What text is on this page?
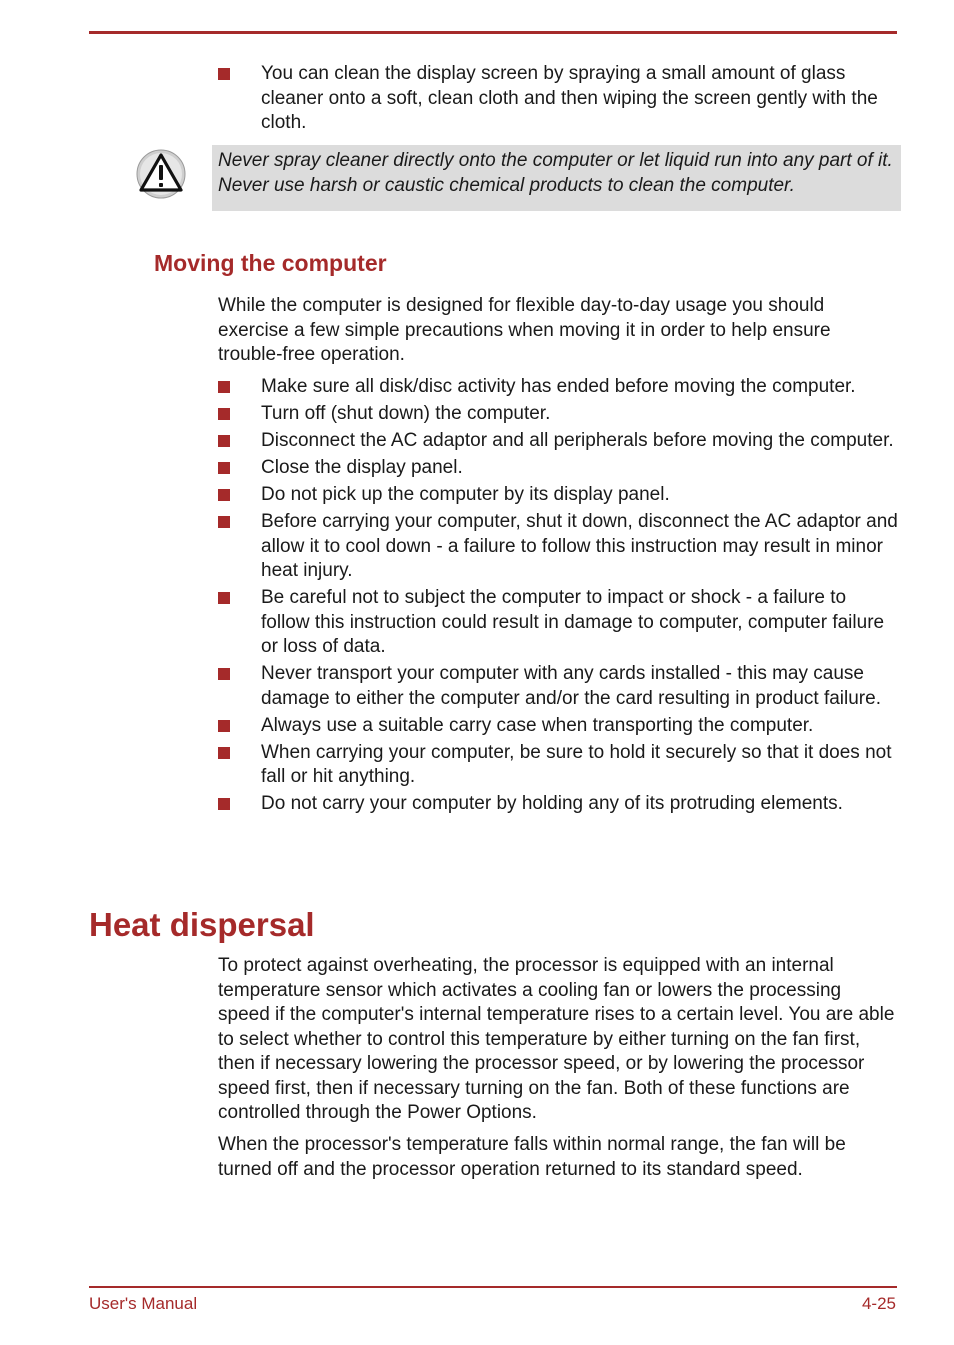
You can clean the display screen by spraying a small amount of glass cleaner onto a soft, clean cloth and then wiping the screen gently with the cloth.

Never spray cleaner directly onto the computer or let liquid run into any part of it. Never use harsh or caustic chemical products to clean the computer.

Moving the computer

While the computer is designed for flexible day-to-day usage you should exercise a few simple precautions when moving it in order to help ensure trouble-free operation.

Make sure all disk/disc activity has ended before moving the computer.
Turn off (shut down) the computer.
Disconnect the AC adaptor and all peripherals before moving the computer.
Close the display panel.
Do not pick up the computer by its display panel.
Before carrying your computer, shut it down, disconnect the AC adaptor and allow it to cool down - a failure to follow this instruction may result in minor heat injury.
Be careful not to subject the computer to impact or shock - a failure to follow this instruction could result in damage to computer, computer failure or loss of data.
Never transport your computer with any cards installed - this may cause damage to either the computer and/or the card resulting in product failure.
Always use a suitable carry case when transporting the computer.
When carrying your computer, be sure to hold it securely so that it does not fall or hit anything.
Do not carry your computer by holding any of its protruding elements.
Heat dispersal

To protect against overheating, the processor is equipped with an internal temperature sensor which activates a cooling fan or lowers the processing speed if the computer's internal temperature rises to a certain level. You are able to select whether to control this temperature by either turning on the fan first, then if necessary lowering the processor speed, or by lowering the processor speed first, then if necessary turning on the fan. Both of these functions are controlled through the Power Options.

When the processor's temperature falls within normal range, the fan will be turned off and the processor operation returned to its standard speed.

User's Manual	4-25
